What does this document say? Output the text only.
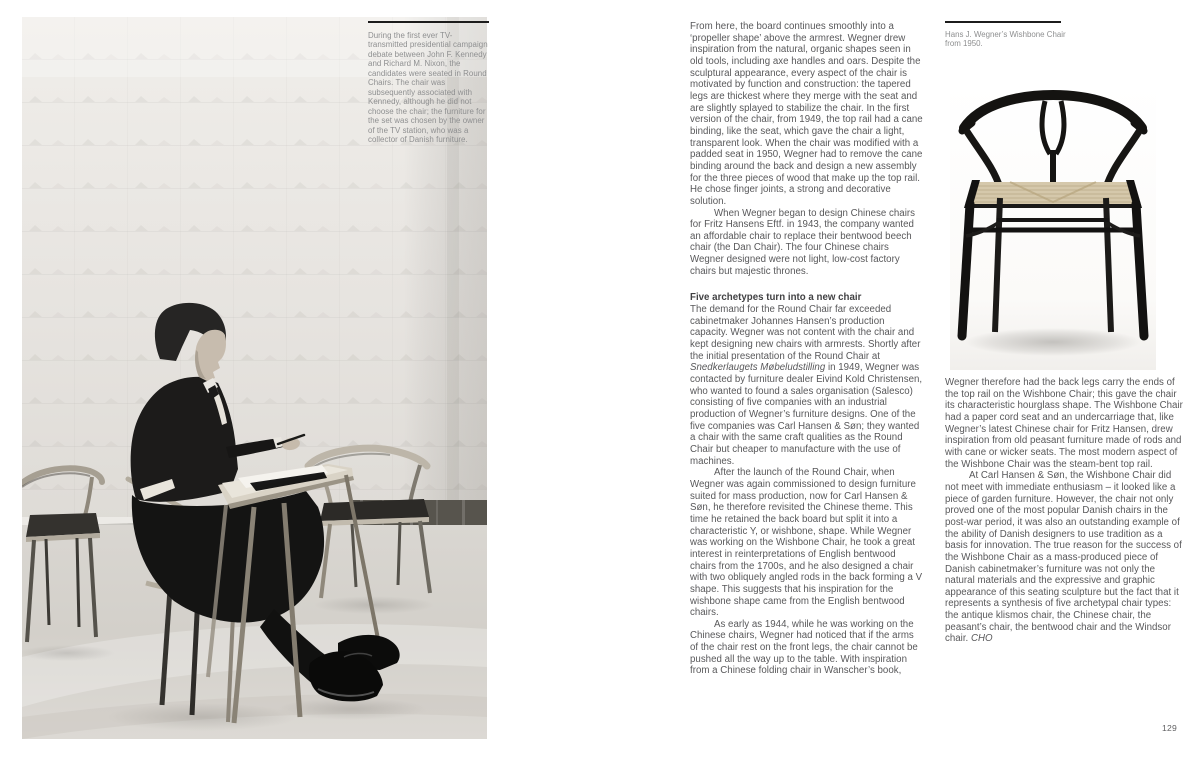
During the first ever TV-transmitted presidential campaign debate between John F. Kennedy and Richard M. Nixon, the candidates were seated in Round Chairs. The chair was subsequently associated with Kennedy, although he did not choose the chair; the furniture for the set was chosen by the owner of the TV station, who was a collector of Danish furniture.

From here, the board continues smoothly into a ‘propeller shape’ above the armrest. Wegner drew inspiration from the natural, organic shapes seen in old tools, including axe handles and oars. Despite the sculptural appearance, every aspect of the chair is motivated by function and construction: the tapered legs are thickest where they merge with the seat and are slightly splayed to stabilize the chair. In the first version of the chair, from 1949, the top rail had a cane binding, like the seat, which gave the chair a light, transparent look. When the chair was modified with a padded seat in 1950, Wegner had to remove the cane binding around the back and design a new assembly for the three pieces of wood that make up the top rail. He chose finger joints, a strong and decorative solution.

When Wegner began to design Chinese chairs for Fritz Hansens Eftf. in 1943, the company wanted an affordable chair to replace their bentwood beech chair (the Dan Chair). The four Chinese chairs Wegner designed were not light, low-cost factory chairs but majestic thrones.

Five archetypes turn into a new chair

The demand for the Round Chair far exceeded cabinetmaker Johannes Hansen’s production capacity. Wegner was not content with the chair and kept designing new chairs with armrests. Shortly after the initial presentation of the Round Chair at Snedkerlaugets Møbeludstilling in 1949, Wegner was contacted by furniture dealer Eivind Kold Christensen, who wanted to found a sales organisation (Salesco) consisting of five companies with an industrial production of Wegner’s furniture designs. One of the five companies was Carl Hansen & Søn; they wanted a chair with the same craft qualities as the Round Chair but cheaper to manufacture with the use of machines.

After the launch of the Round Chair, when Wegner was again commissioned to design furniture suited for mass production, now for Carl Hansen & Søn, he therefore revisited the Chinese theme. This time he retained the back board but split it into a characteristic Y, or wishbone, shape. While Wegner was working on the Wishbone Chair, he took a great interest in reinterpretations of English bentwood chairs from the 1700s, and he also designed a chair with two obliquely angled rods in the back forming a V shape. This suggests that his inspiration for the wishbone shape came from the English bentwood chairs.

As early as 1944, while he was working on the Chinese chairs, Wegner had noticed that if the arms of the chair rest on the front legs, the chair cannot be pushed all the way up to the table. With inspiration from a Chinese folding chair in Wanscher’s book,

Hans J. Wegner’s Wishbone Chair from 1950.

Wegner therefore had the back legs carry the ends of the top rail on the Wishbone Chair; this gave the chair its characteristic hourglass shape. The Wishbone Chair had a paper cord seat and an undercarriage that, like Wegner’s latest Chinese chair for Fritz Hansen, drew inspiration from old peasant furniture made of rods and with cane or wicker seats. The most modern aspect of the Wishbone Chair was the steam-bent top rail.

At Carl Hansen & Søn, the Wishbone Chair did not meet with immediate enthusiasm – it looked like a piece of garden furniture. However, the chair not only proved one of the most popular Danish chairs in the post-war period, it was also an outstanding example of the ability of Danish designers to use tradition as a basis for innovation. The true reason for the success of the Wishbone Chair as a mass-produced piece of Danish cabinetmaker’s furniture was not only the natural materials and the expressive and graphic appearance of this seating sculpture but the fact that it represents a synthesis of five archetypal chair types: the antique klismos chair, the Chinese chair, the peasant’s chair, the bentwood chair and the Windsor chair. CHO

129
